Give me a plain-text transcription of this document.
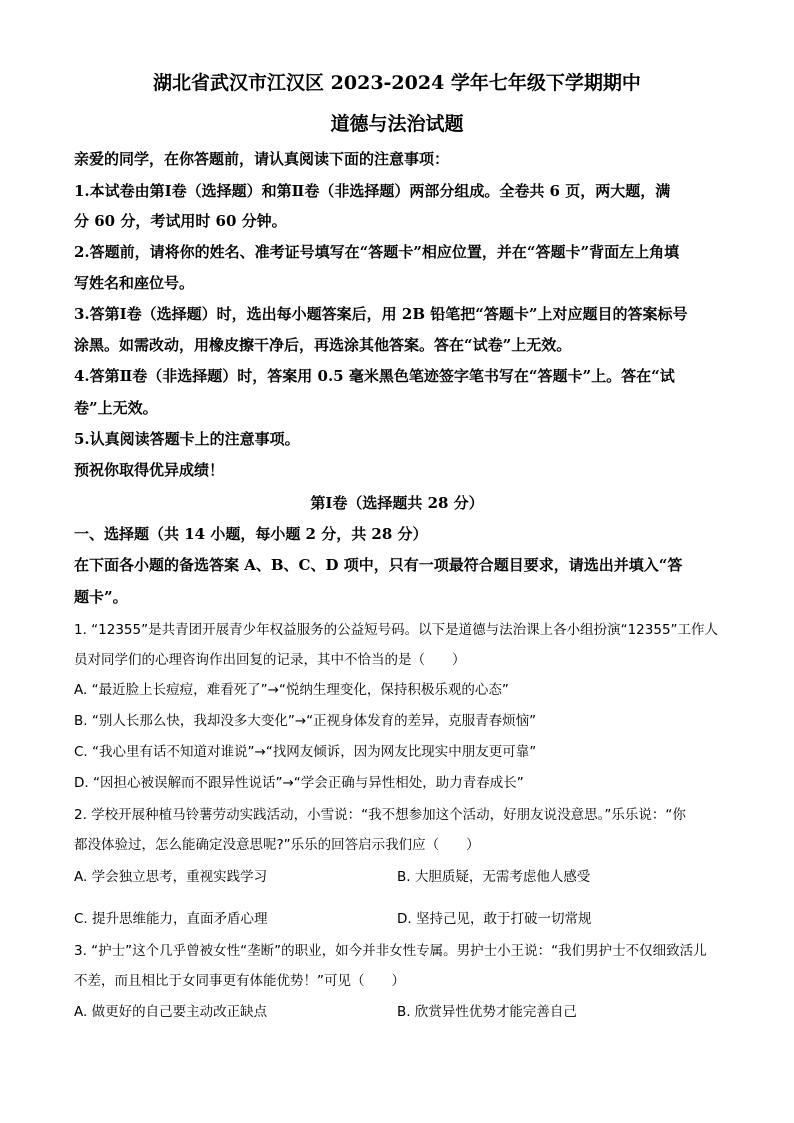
湖北省武汉市江汉区 2023-2024 学年七年级下学期期中
道德与法治试题
亲爱的同学，在你答题前，请认真阅读下面的注意事项：
1.本试卷由第Ⅰ卷（选择题）和第Ⅱ卷（非选择题）两部分组成。全卷共 6 页，两大题，满
分 60 分，考试用时 60 分钟。
2.答题前，请将你的姓名、准考证号填写在“答题卡”相应位置，并在“答题卡”背面左上角填
写姓名和座位号。
3.答第Ⅰ卷（选择题）时，选出每小题答案后，用 2B 铅笔把“答题卡”上对应题目的答案标号
涂黑。如需改动，用橡皮擦干净后，再选涂其他答案。答在“试卷”上无效。
4.答第Ⅱ卷（非选择题）时，答案用 0.5 毫米黑色笔迹签字笔书写在“答题卡”上。答在“试
卷”上无效。
5.认真阅读答题卡上的注意事项。
预祝你取得优异成绩！
第Ⅰ卷（选择题共 28 分）
一、选择题（共 14 小题，每小题 2 分，共 28 分）
在下面各小题的备选答案 A、B、C、D 项中，只有一项最符合题目要求，请选出并填入“答
题卡”。
1. “12355”是共青团开展青少年权益服务的公益短号码。以下是道德与法治课上各小组扮演“12355”工作人
员对同学们的心理咨询作出回复的记录，其中不恰当的是（　　）
A. “最近脸上长痘痘，难看死了”→“悦纳生理变化，保持积极乐观的心态”
B. “别人长那么快，我却没多大变化”→“正视身体发育的差异，克服青春烦恼”
C. “我心里有话不知道对谁说”→“找网友倾诉，因为网友比现实中朋友更可靠”
D. “因担心被误解而不跟异性说话”→“学会正确与异性相处，助力青春成长”
2. 学校开展种植马铃薯劳动实践活动，小雪说：“我不想参加这个活动，好朋友说没意思。”乐乐说：“你
都没体验过，怎么能确定没意思呢?”乐乐的回答启示我们应（　　）
A. 学会独立思考，重视实践学习	B. 大胆质疑，无需考虑他人感受
C. 提升思维能力，直面矛盾心理	D. 坚持己见，敢于打破一切常规
3. “护士”这个几乎曾被女性“垄断”的职业，如今并非女性专属。男护士小王说：“我们男护士不仅细致活儿
不差，而且相比于女同事更有体能优势！”可见（　　）
A. 做更好的自己要主动改正缺点	B. 欣赏异性优势才能完善自己
